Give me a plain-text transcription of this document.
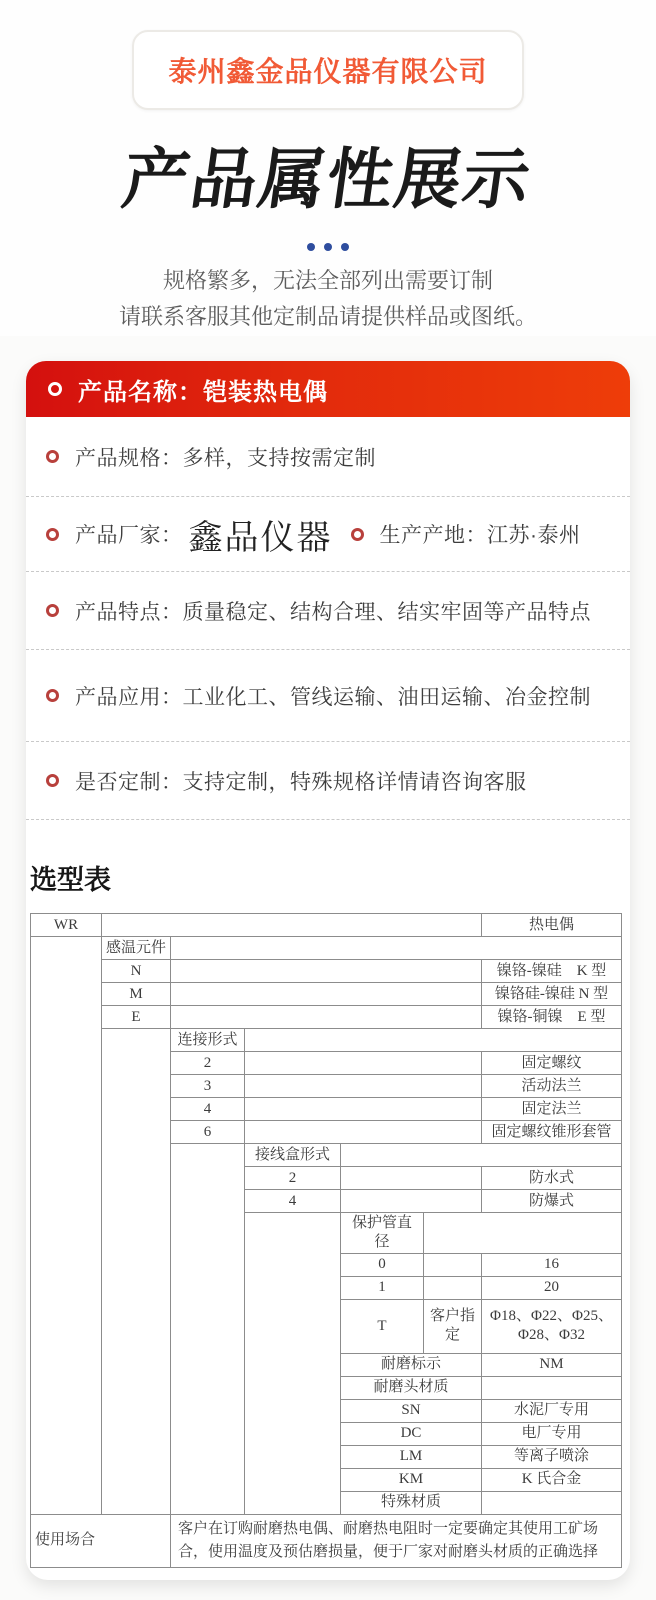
泰州鑫金品仪器有限公司
产品属性展示
规格繁多，无法全部列出需要订制
请联系客服其他定制品请提供样品或图纸。
产品名称：铠装热电偶
产品规格：多样，支持按需定制
产品厂家： 鑫品仪器 生产产地：江苏·泰州
产品特点：质量稳定、结构合理、结实牢固等产品特点
产品应用：工业化工、管线运输、油田运输、冶金控制
是否定制：支持定制，特殊规格详情请咨询客服
选型表
WR						热电偶
	感温元件					
	N					镍铬-镍硅　K 型
	M					镍铬硅-镍硅 N 型
	E					镍铬-铜镍　E 型
		连接形式				
		2				固定螺纹
		3				活动法兰
		4				固定法兰
		6				固定螺纹锥形套管
			接线盒形式			
			2			防水式
			4			防爆式
				保护管直径		
				0		16
				1		20
				T	客户指定	Φ18、Φ22、Φ25、Φ28、Φ32
				耐磨标示		NM
				耐磨头材质		
				SN		水泥厂专用
				DC		电厂专用
				LM		等离子喷涂
				KM		K 氏合金
				特殊材质		
使用场合		客户在订购耐磨热电偶、耐磨热电阻时一定要确定其使用工矿场合，使用温度及预估磨损量，便于厂家对耐磨头材质的正确选择				
